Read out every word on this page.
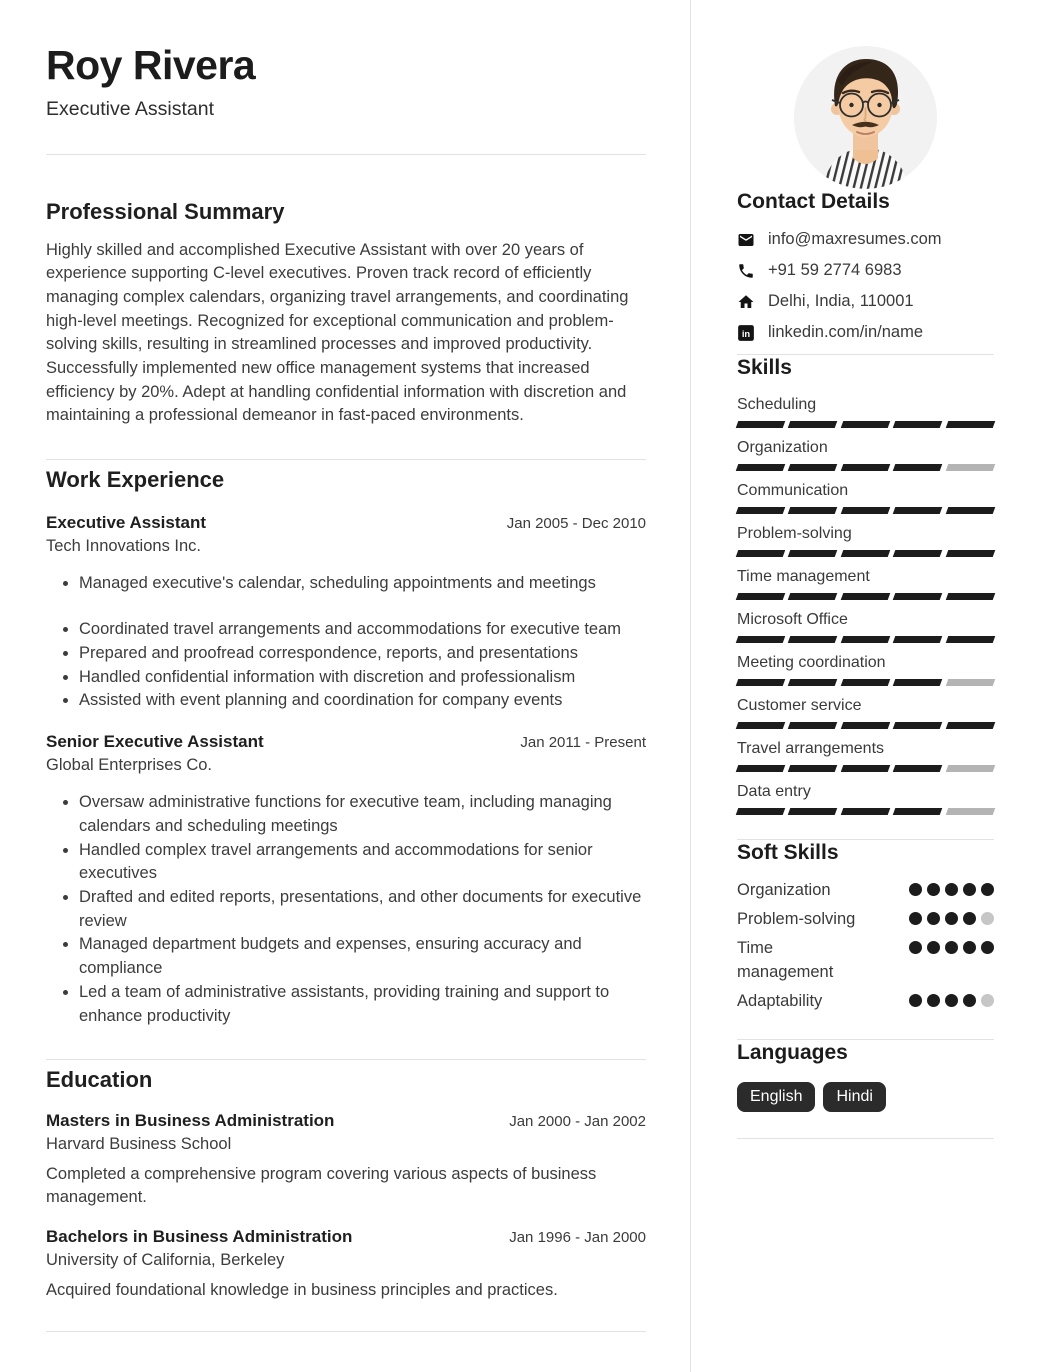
Roy Rivera
Executive Assistant
Professional Summary

Highly skilled and accomplished Executive Assistant with over 20 years of experience supporting C-level executives. Proven track record of efficiently managing complex calendars, organizing travel arrangements, and coordinating high-level meetings. Recognized for exceptional communication and problem-solving skills, resulting in streamlined processes and improved productivity. Successfully implemented new office management systems that increased efficiency by 20%. Adept at handling confidential information with discretion and maintaining a professional demeanor in fast-paced environments.

Work Experience
Executive Assistant	Jan 2005 - Dec 2010
Tech Innovations Inc.
• Managed executive's calendar, scheduling appointments and meetings
• Coordinated travel arrangements and accommodations for executive team
• Prepared and proofread correspondence, reports, and presentations
• Handled confidential information with discretion and professionalism
• Assisted with event planning and coordination for company events
Senior Executive Assistant	Jan 2011 - Present
Global Enterprises Co.
• Oversaw administrative functions for executive team, including managing calendars and scheduling meetings
• Handled complex travel arrangements and accommodations for senior executives
• Drafted and edited reports, presentations, and other documents for executive review
• Managed department budgets and expenses, ensuring accuracy and compliance
• Led a team of administrative assistants, providing training and support to enhance productivity
Education
Masters in Business Administration	Jan 2000 - Jan 2002
Harvard Business School
Completed a comprehensive program covering various aspects of business management.
Bachelors in Business Administration	Jan 1996 - Jan 2000
University of California, Berkeley
Acquired foundational knowledge in business principles and practices.
Contact Details
info@maxresumes.com
+91 59 2774 6983
Delhi, India, 110001
in linkedin.com/in/name
Skills
Scheduling
Organization
Communication
Problem-solving
Time management
Microsoft Office
Meeting coordination
Customer service
Travel arrangements
Data entry
Soft Skills
Organization
Problem-solving
Time management
Adaptability
Languages
English Hindi
